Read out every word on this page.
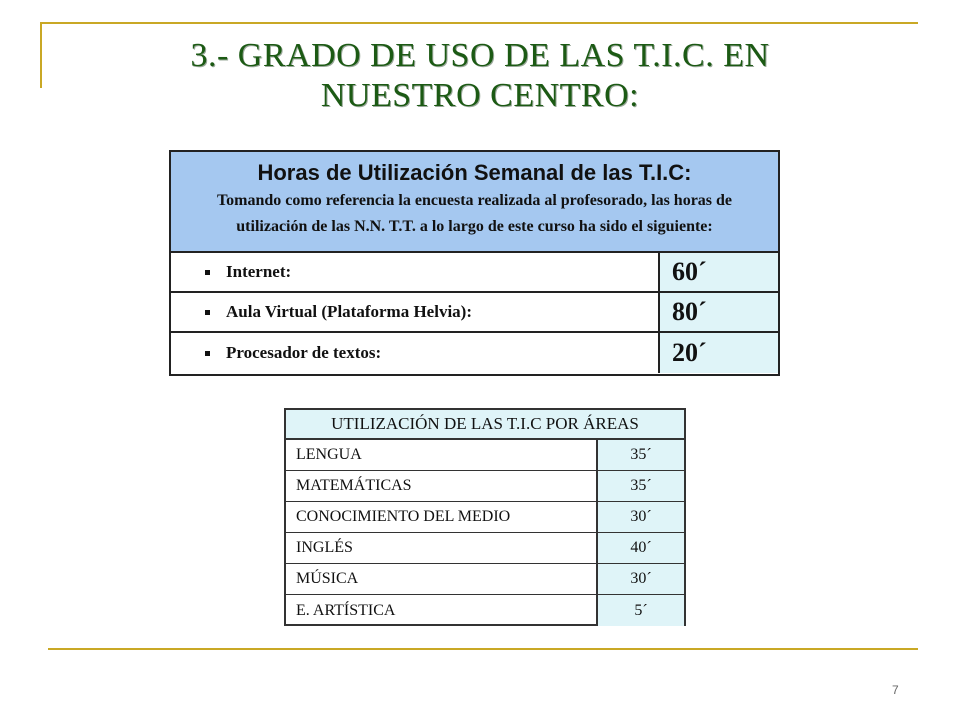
3.- GRADO DE USO DE LAS T.I.C. EN
NUESTRO CENTRO:
Horas de Utilización Semanal de las T.I.C:
Tomando como referencia la encuesta realizada al profesorado, las horas de utilización de las N.N. T.T. a lo largo de este curso ha sido el siguiente:
Internet:	60´
Aula Virtual (Plataforma Helvia):	80´
Procesador de textos:	20´
UTILIZACIÓN DE LAS T.I.C POR ÁREAS
LENGUA	35´
MATEMÁTICAS	35´
CONOCIMIENTO DEL MEDIO	30´
INGLÉS	40´
MÚSICA	30´
E. ARTÍSTICA	5´
7
